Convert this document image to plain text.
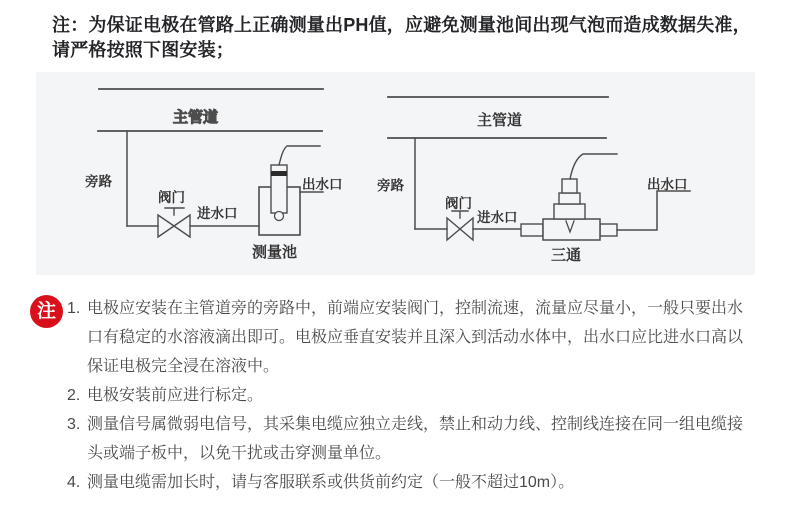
注：为保证电极在管路上正确测量出PH值，应避免测量池间出现气泡而造成数据失准，请严格按照下图安装；
主管道
旁路
阀门
进水口
出水口
测量池
主管道
旁路
阀门
进水口
出水口
三通
注 1. 电极应安装在主管道旁的旁路中，前端应安装阀门，控制流速，流量应尽量小，一般只要出水口有稳定的水溶液滴出即可。电极应垂直安装并且深入到活动水体中，出水口应比进水口高以保证电极完全浸在溶液中。
2. 电极安装前应进行标定。
3. 测量信号属微弱电信号，其采集电缆应独立走线，禁止和动力线、控制线连接在同一组电缆接头或端子板中，以免干扰或击穿测量单位。
4. 测量电缆需加长时，请与客服联系或供货前约定（一般不超过10m）。
